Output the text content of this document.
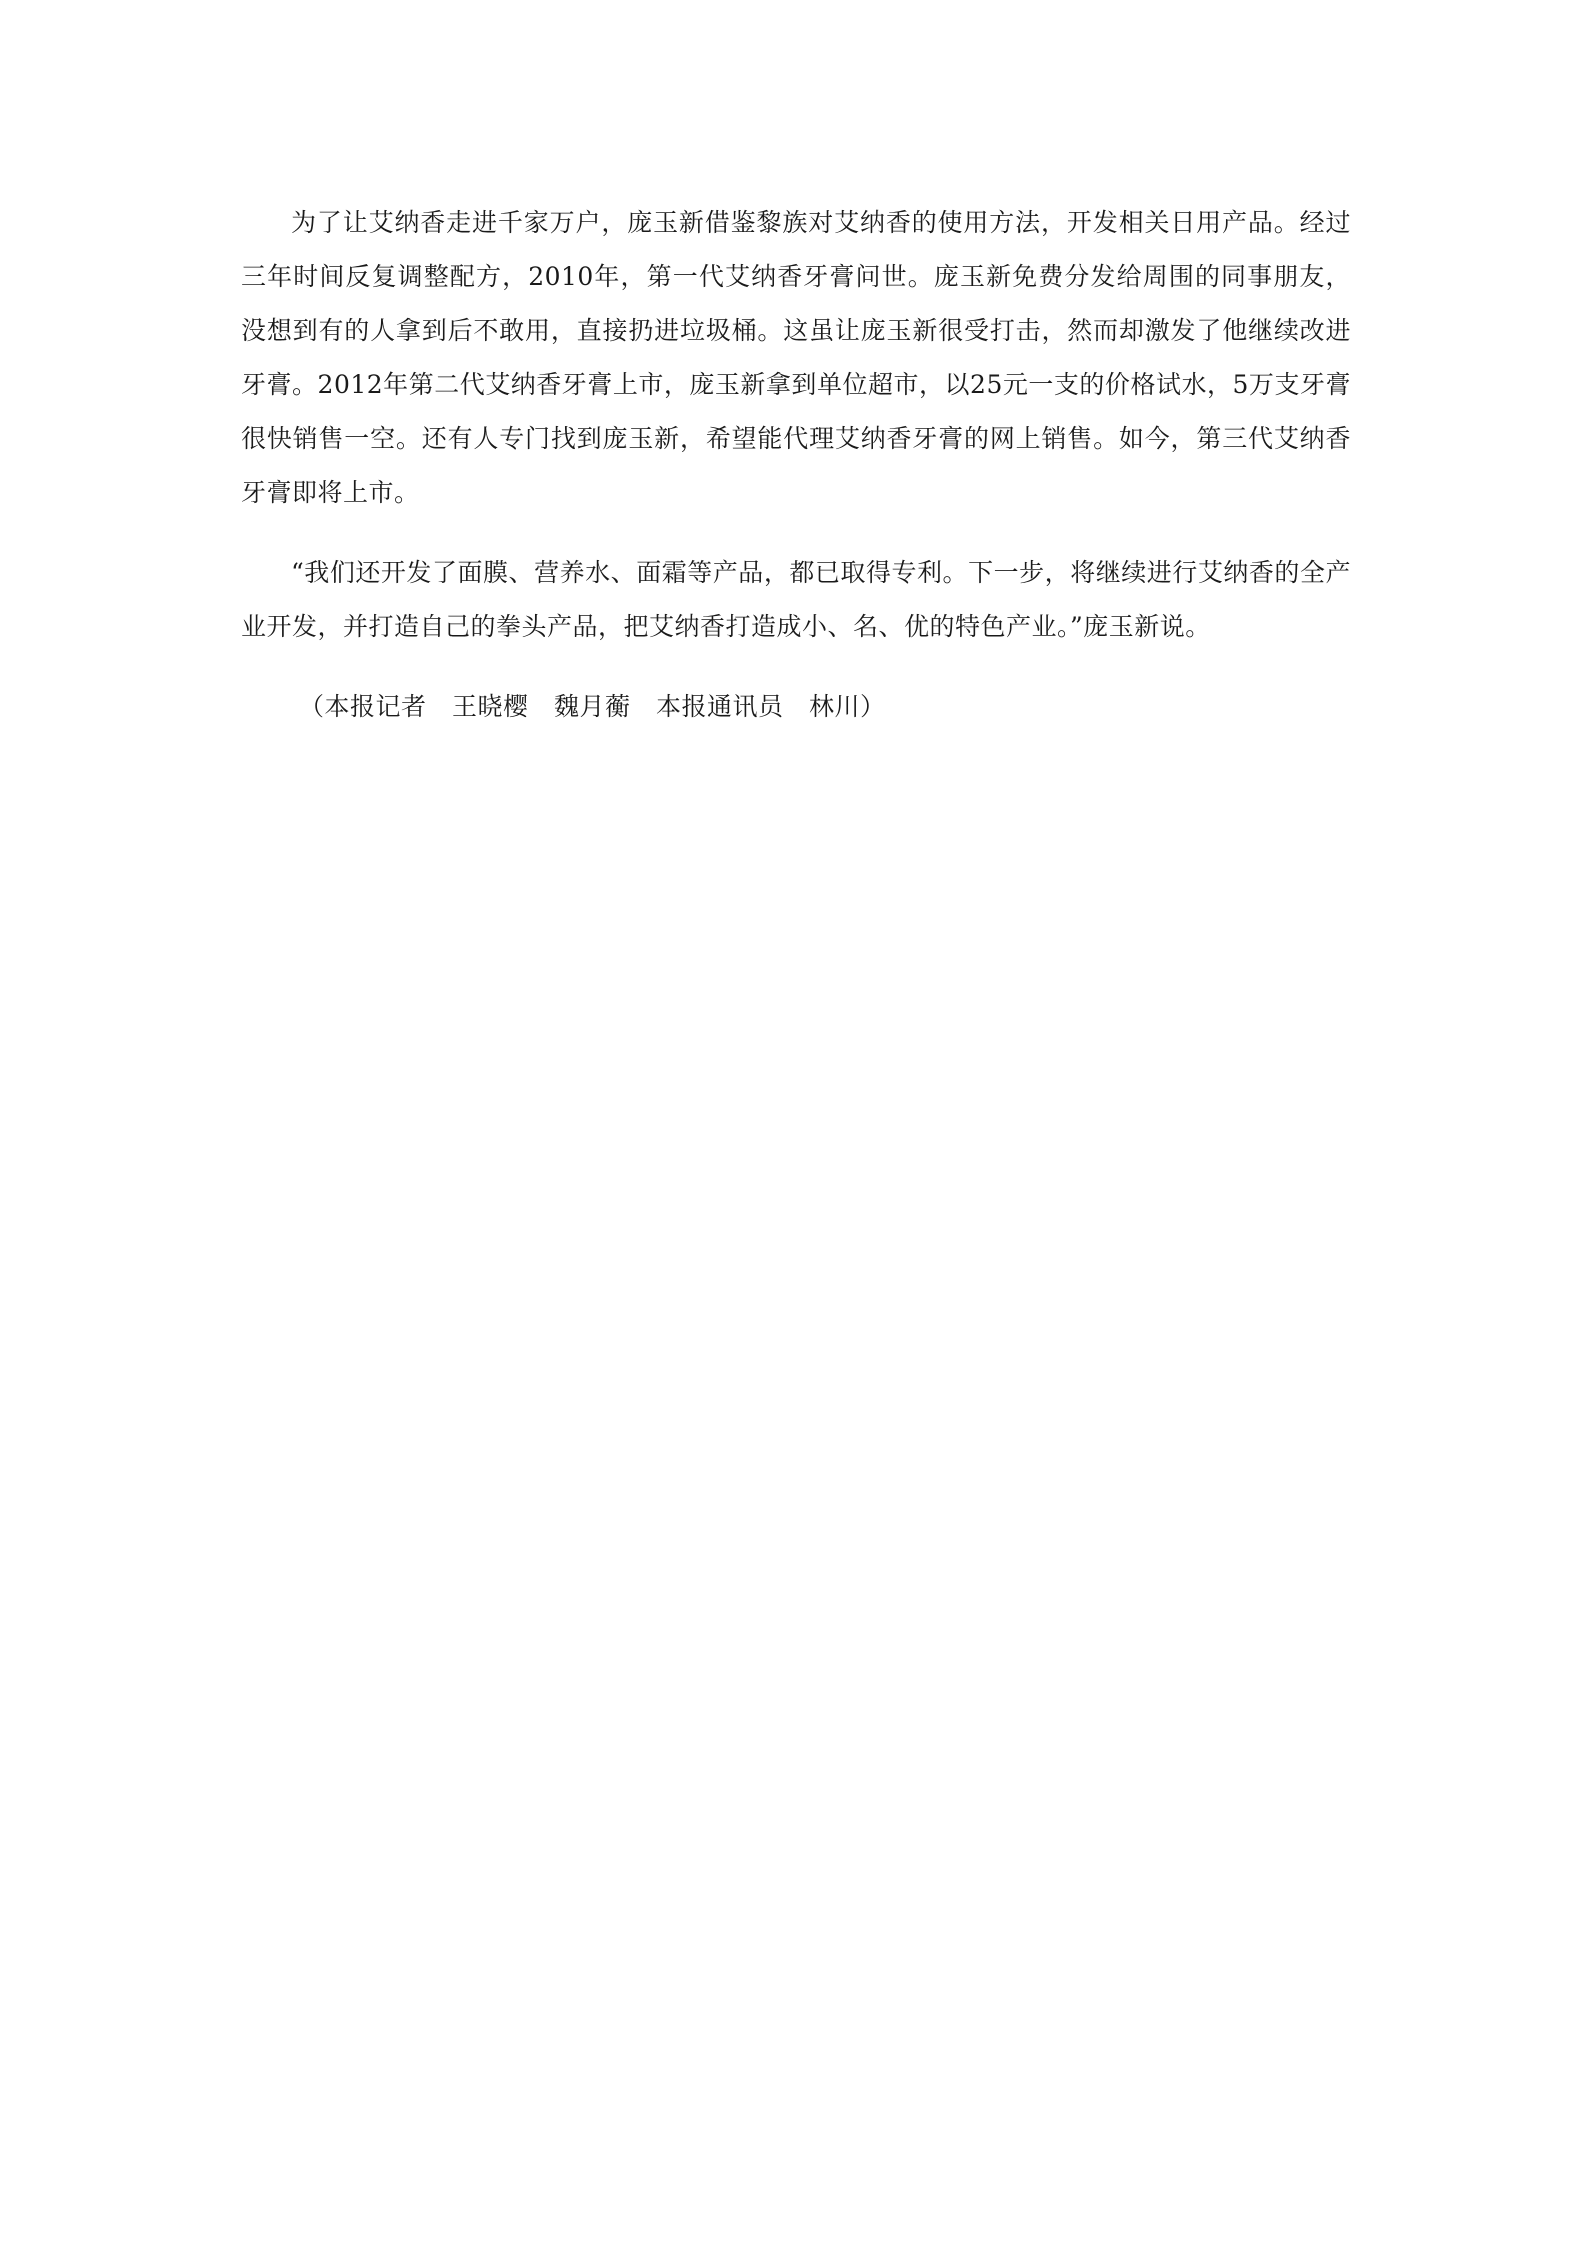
为了让艾纳香走进千家万户，庞玉新借鉴黎族对艾纳香的使用方法，开发相关日用产品。经过三年时间反复调整配方，2010年，第一代艾纳香牙膏问世。庞玉新免费分发给周围的同事朋友，没想到有的人拿到后不敢用，直接扔进垃圾桶。这虽让庞玉新很受打击，然而却激发了他继续改进牙膏。2012年第二代艾纳香牙膏上市，庞玉新拿到单位超市，以25元一支的价格试水，5万支牙膏很快销售一空。还有人专门找到庞玉新，希望能代理艾纳香牙膏的网上销售。如今，第三代艾纳香牙膏即将上市。

“我们还开发了面膜、营养水、面霜等产品，都已取得专利。下一步，将继续进行艾纳香的全产业开发，并打造自己的拳头产品，把艾纳香打造成小、名、优的特色产业。”庞玉新说。

（本报记者　王晓樱　魏月蘅　本报通讯员　林川）
